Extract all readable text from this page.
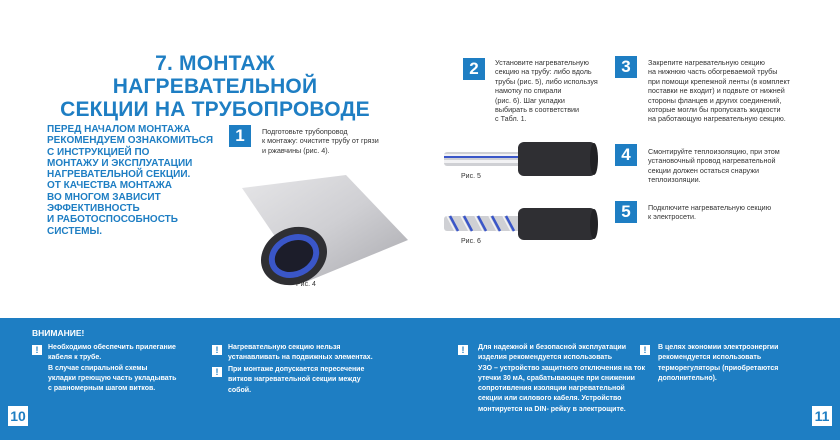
7. МОНТАЖ НАГРЕВАТЕЛЬНОЙ
СЕКЦИИ НА ТРУБОПРОВОДЕ
ПЕРЕД НАЧАЛОМ МОНТАЖА
РЕКОМЕНДУЕМ ОЗНАКОМИТЬСЯ
С ИНСТРУКЦИЕЙ ПО
МОНТАЖУ И ЭКСПЛУАТАЦИИ
НАГРЕВАТЕЛЬНОЙ СЕКЦИИ.
ОТ КАЧЕСТВА МОНТАЖА
ВО МНОГОМ ЗАВИСИТ
ЭФФЕКТИВНОСТЬ
И РАБОТОСПОСОБНОСТЬ
СИСТЕМЫ.
1	Подготовьте трубопровод
к монтажу: очистите трубу от грязи
и ржавчины (рис. 4).
Рис. 4
2	Установите нагревательную
секцию на трубу: либо вдоль
трубы (рис. 5), либо используя
намотку по спирали
(рис. 6). Шаг укладки
выбирать в соответствии
с Табл. 1.
Рис. 5
Рис. 6
3	Закрепите нагревательную секцию
на нижнюю часть обогреваемой трубы
при помощи крепежной ленты (в комплект
поставки не входит) и подвьте от нижней
стороны фланцев и других соединений,
которые могли бы пропускать жидкости
на работающую нагревательную секцию.
4	Смонтируйте теплоизоляцию, при этом
установочный провод нагревательной
секции должен остаться снаружи
теплоизоляции.
5	Подключите нагревательную секцию
к электросети.
ВНИМАНИЕ!
!	Необходимо обеспечить прилегание
кабеля к трубе.
В случае спиральной схемы
укладки греющую часть укладывать
с равномерным шагом витков.
!	Нагревательную секцию нельзя
устанавливать на подвижных элементах.
!	При монтаже допускается пересечение
витков нагревательной секции между
собой.
!	Для надежной и безопасной эксплуатации
изделия рекомендуется использовать
УЗО – устройство защитного отключения на ток
утечки 30 мА, срабатывающее при снижении
сопротивления изоляции нагревательной
секции или силового кабеля. Устройство
монтируется на DIN- рейку в электрощите.
!	В целях экономии электроэнергии
рекомендуется использовать
терморегуляторы (приобретаются
дополнительно).
10	11
